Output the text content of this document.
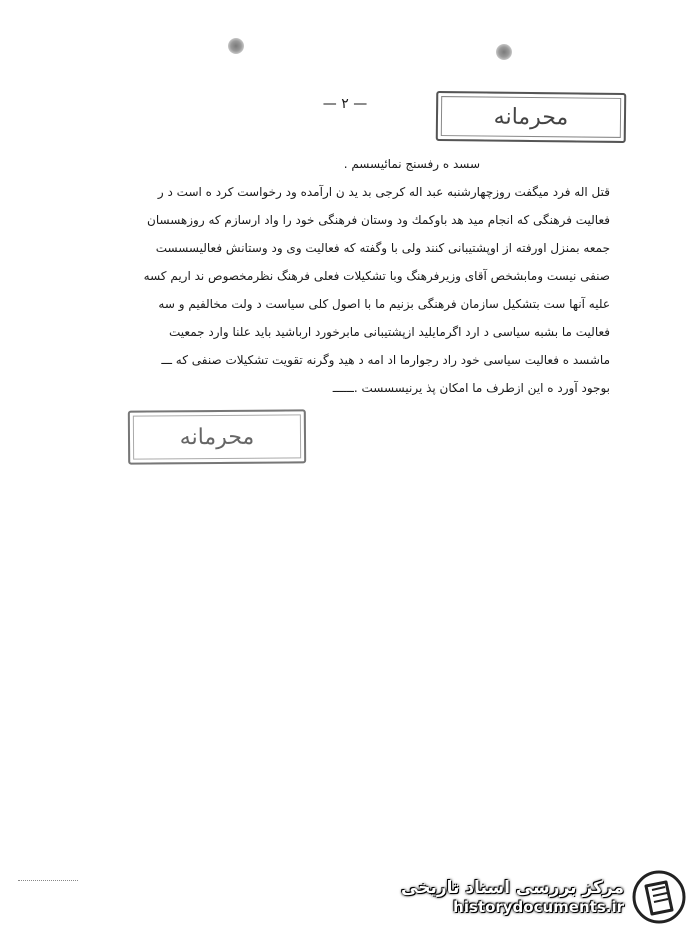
— ۲ —
محرمانه
سسد ه رفسنج نمائیسسم .
قتل اله فرد میگفت روزچهارشنبه عبد اله کرجی بد ید ن ارآمده ود رخواست کرد ه است د ر
فعالیت فرهنگی که انجام مید هد باوکمك ود وستان فرهنگی خود را واد ارسازم که روزهسسان
جمعه بمنزل اورفته از اوپشتیبانی کنند ولی با وگفته که فعالیت وی ود وستانش فعالیسسست
صنفی نیست ومابشخص آقای وزیرفرهنگ وبا تشکیلات فعلی فرهنگ نظرمخصوص ند اریم کسه
علیه آنها ست بتشکیل سازمان فرهنگی بزنیم ما با اصول کلی سیاست د ولت مخالفیم و سه
فعالیت ما بشبه سیاسی د ارد اگرمایلید ازپشتیبانی مابرخورد ارباشید باید علنا وارد جمعیت
ماشسد ه فعالیت سیاسی خود راد رجوارما اد امه د هید وگرنه تقویت تشکیلات صنفی که ـــ
بوجود آورد ه این ازطرف ما امکان پذ یرنیسسست .ــــــ
محرمانه
مرکز بررسی اسناد تاریخی
historydocuments.ir
